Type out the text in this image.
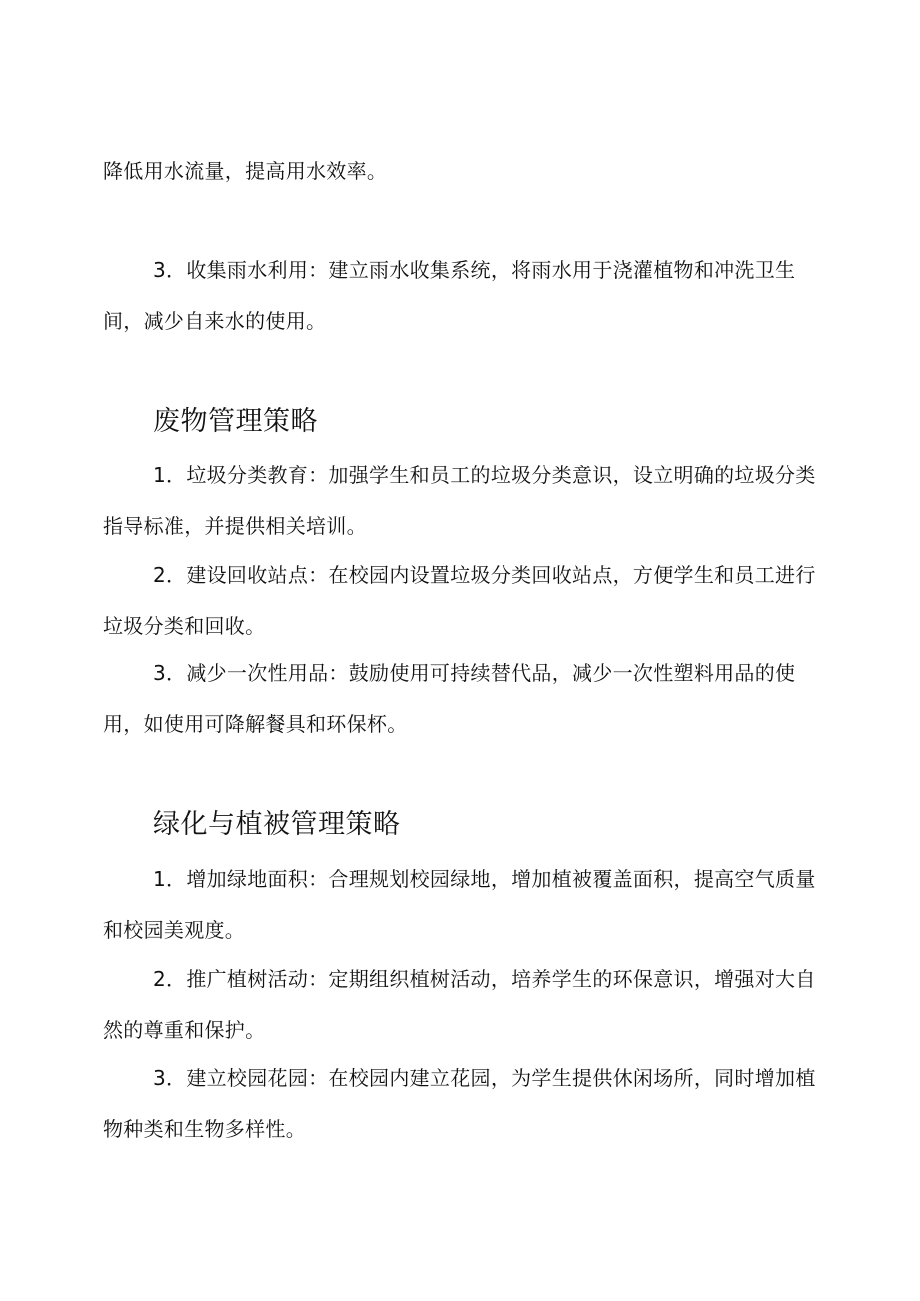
降低用水流量，提高用水效率。

3．收集雨水利用：建立雨水收集系统，将雨水用于浇灌植物和冲洗卫生间，减少自来水的使用。

废物管理策略

1．垃圾分类教育：加强学生和员工的垃圾分类意识，设立明确的垃圾分类指导标准，并提供相关培训。

2．建设回收站点：在校园内设置垃圾分类回收站点，方便学生和员工进行垃圾分类和回收。

3．减少一次性用品：鼓励使用可持续替代品，减少一次性塑料用品的使用，如使用可降解餐具和环保杯。

绿化与植被管理策略

1．增加绿地面积：合理规划校园绿地，增加植被覆盖面积，提高空气质量和校园美观度。

2．推广植树活动：定期组织植树活动，培养学生的环保意识，增强对大自然的尊重和保护。

3．建立校园花园：在校园内建立花园，为学生提供休闲场所，同时增加植物种类和生物多样性。
